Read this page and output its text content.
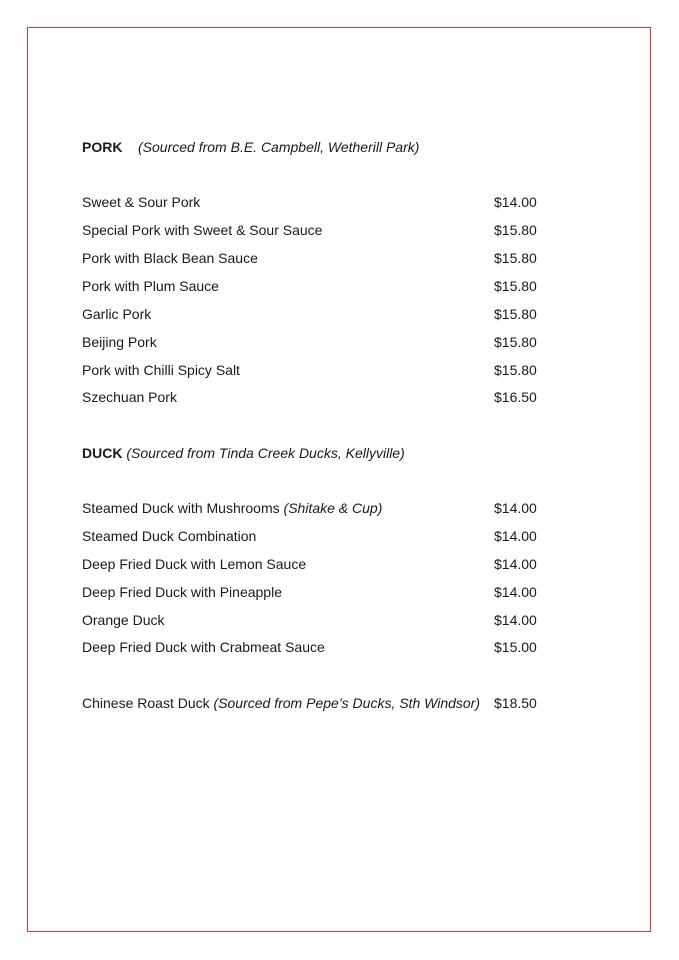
PORK (Sourced from B.E. Campbell, Wetherill Park)
Sweet & Sour Pork	$14.00
Special Pork with Sweet & Sour Sauce	$15.80
Pork with Black Bean Sauce	$15.80
Pork with Plum Sauce	$15.80
Garlic Pork	$15.80
Beijing Pork	$15.80
Pork with Chilli Spicy Salt	$15.80
Szechuan Pork	$16.50
DUCK (Sourced from Tinda Creek Ducks, Kellyville)
Steamed Duck with Mushrooms (Shitake & Cup)	$14.00
Steamed Duck Combination	$14.00
Deep Fried Duck with Lemon Sauce	$14.00
Deep Fried Duck with Pineapple	$14.00
Orange Duck	$14.00
Deep Fried Duck with Crabmeat Sauce	$15.00
Chinese Roast Duck (Sourced from Pepe’s Ducks, Sth Windsor) $18.50
